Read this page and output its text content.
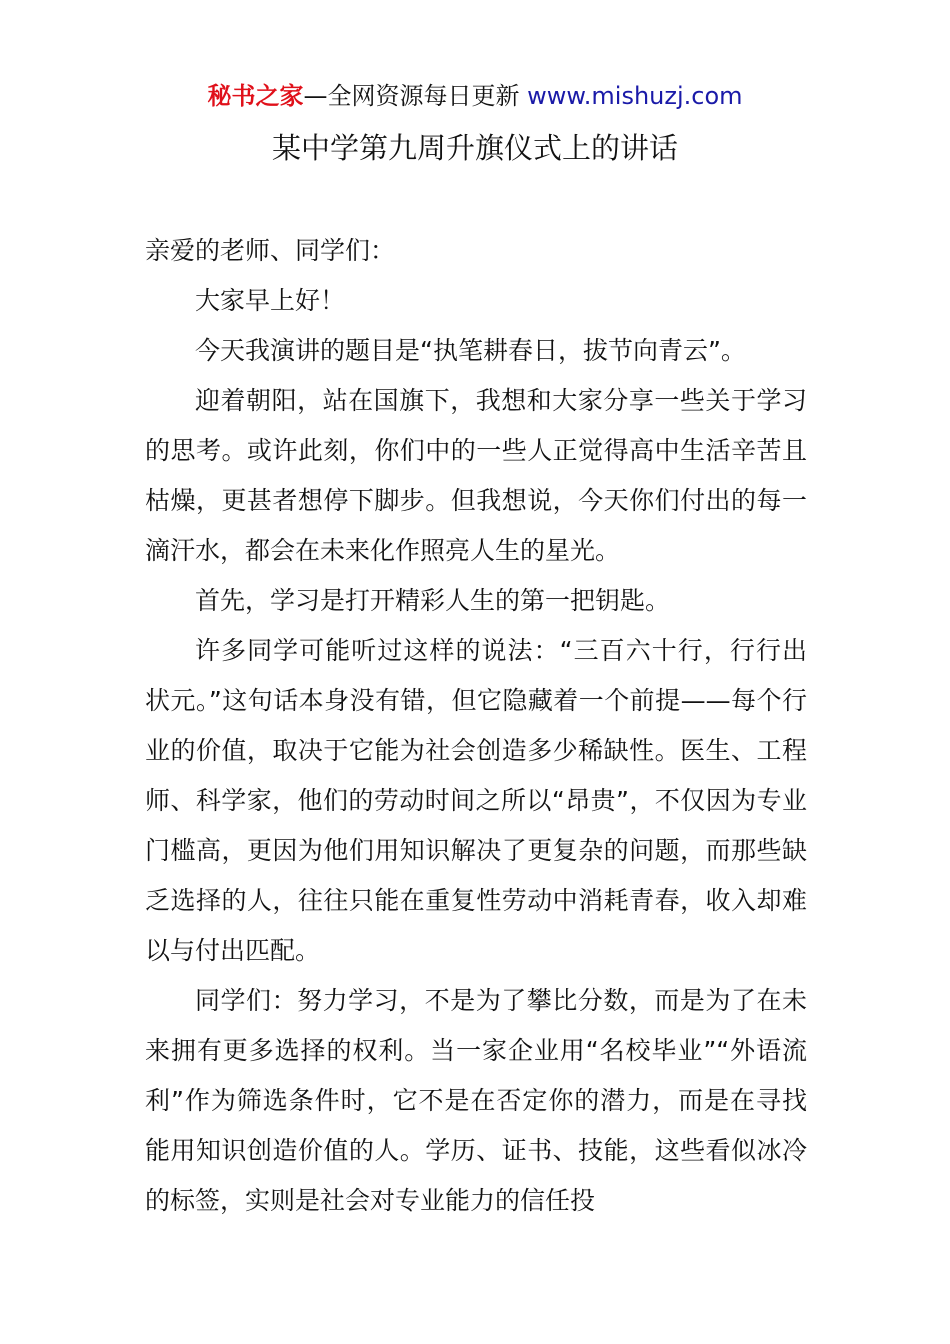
秘书之家—全网资源每日更新 www.mishuzj.com
某中学第九周升旗仪式上的讲话

亲爱的老师、同学们：

大家早上好！

今天我演讲的题目是“执笔耕春日，拔节向青云”。

迎着朝阳，站在国旗下，我想和大家分享一些关于学习的思考。或许此刻，你们中的一些人正觉得高中生活辛苦且枯燥，更甚者想停下脚步。但我想说，今天你们付出的每一滴汗水，都会在未来化作照亮人生的星光。

首先，学习是打开精彩人生的第一把钥匙。

许多同学可能听过这样的说法：“三百六十行，行行出状元。”这句话本身没有错，但它隐藏着一个前提——每个行业的价值，取决于它能为社会创造多少稀缺性。医生、工程师、科学家，他们的劳动时间之所以“昂贵”，不仅因为专业门槛高，更因为他们用知识解决了更复杂的问题，而那些缺乏选择的人，往往只能在重复性劳动中消耗青春，收入却难以与付出匹配。

同学们：努力学习，不是为了攀比分数，而是为了在未来拥有更多选择的权利。当一家企业用“名校毕业”“外语流利”作为筛选条件时，它不是在否定你的潜力，而是在寻找能用知识创造价值的人。学历、证书、技能，这些看似冰冷的标签，实则是社会对专业能力的信任投
